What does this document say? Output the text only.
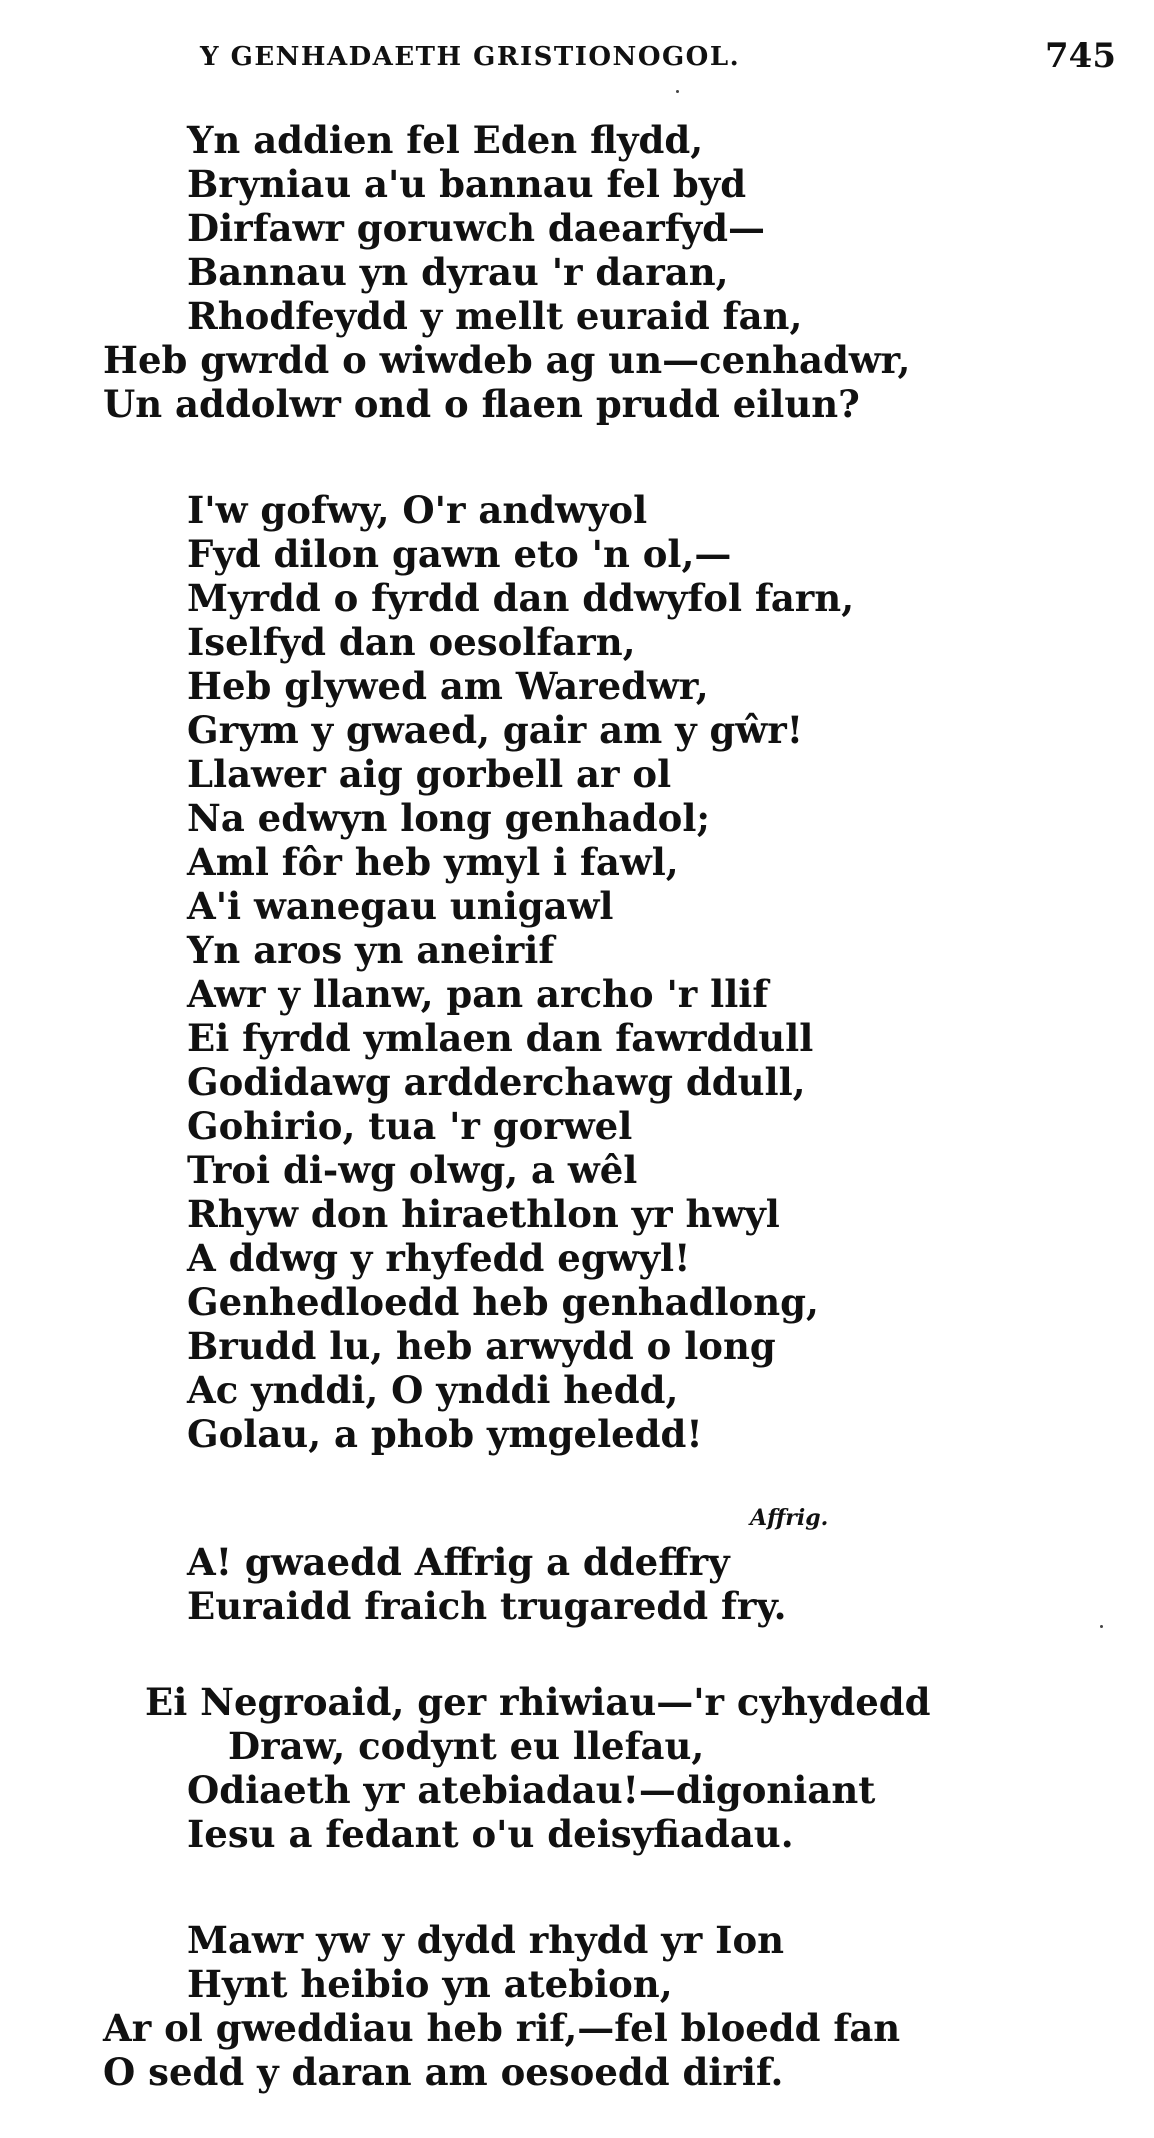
Y GENHADAETH GRISTIONOGOL.	745
Yn addien fel Eden flydd,
Bryniau a'u bannau fel byd
Dirfawr goruwch daearfyd—
Bannau yn dyrau 'r daran,
Rhodfeydd y mellt euraid fan,
Heb gwrdd o wiwdeb ag un—cenhadwr,
Un addolwr ond o flaen prudd eilun?
I'w gofwy, O'r andwyol
Fyd dilon gawn eto 'n ol,—
Myrdd o fyrdd dan ddwyfol farn,
Iselfyd dan oesolfarn,
Heb glywed am Waredwr,
Grym y gwaed, gair am y gŵr!
Llawer aig gorbell ar ol
Na edwyn long genhadol;
Aml fôr heb ymyl i fawl,
A'i wanegau unigawl
Yn aros yn aneirif
Awr y llanw, pan archo 'r llif
Ei fyrdd ymlaen dan fawrddull
Godidawg ardderchawg ddull,
Gohirio, tua 'r gorwel
Troi di-wg olwg, a wêl
Rhyw don hiraethlon yr hwyl
A ddwg y rhyfedd egwyl!
Genhedloedd heb genhadlong,
Brudd lu, heb arwydd o long
Ac ynddi, O ynddi hedd,
Golau, a phob ymgeledd!
Affrig.
A! gwaedd Affrig a ddeffry
Euraidd fraich trugaredd fry.
Ei Negroaid, ger rhiwiau—'r cyhydedd
Draw, codynt eu llefau,
Odiaeth yr atebiadau!—digoniant
Iesu a fedant o'u deisyfiadau.
Mawr yw y dydd rhydd yr Ion
Hynt heibio yn atebion,
Ar ol gweddiau heb rif,—fel bloedd fan
O sedd y daran am oesoedd dirif.
